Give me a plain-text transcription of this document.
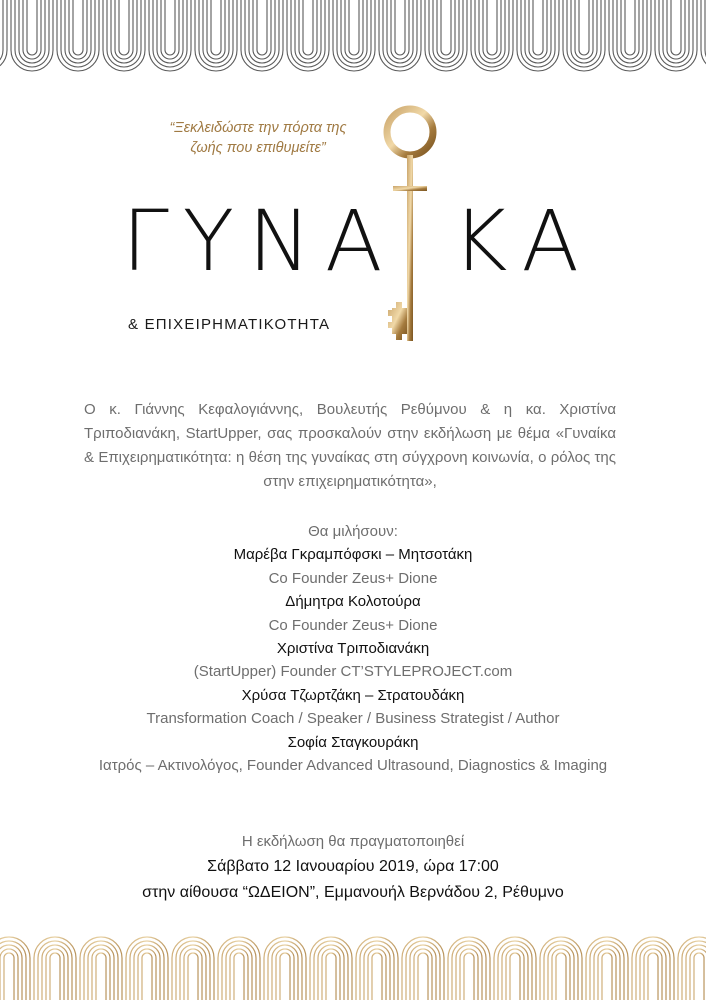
“Ξεκλειδώστε την πόρτα της
ζωής που επιθυμείτε”
ΓΥΝΑ ΚΑ
& ΕΠΙΧΕΙΡΗΜΑΤΙΚΟΤΗΤΑ
Ο κ. Γιάννης Κεφαλογιάννης, Βουλευτής Ρεθύμνου & η κα. Χριστίνα Τριποδιανάκη, StartUpper, σας προσκαλούν στην εκδήλωση με θέμα «Γυναίκα & Επιχειρηματικότητα: η θέση της γυναίκας στη σύγχρονη κοινωνία, ο ρόλος της στην επιχειρηματικότητα»,
Θα μιλήσουν:
Μαρέβα Γκραμπόφσκι – Μητσοτάκη
Co Founder Zeus+ Dione
Δήμητρα Κολοτούρα
Co Founder Zeus+ Dione
Χριστίνα Τριποδιανάκη
(StartUpper) Founder CT’STYLEPROJECT.com
Χρύσα Τζωρτζάκη – Στρατουδάκη
Transformation Coach / Speaker / Business Strategist / Author
Σοφία Σταγκουράκη
Ιατρός – Ακτινολόγος, Founder Advanced Ultrasound, Diagnostics & Imaging
Η εκδήλωση θα πραγματοποιηθεί
Σάββατο 12 Ιανουαρίου 2019, ώρα 17:00
στην αίθουσα “ΩΔΕΙΟΝ”, Εμμανουήλ Βερνάδου 2, Ρέθυμνο
